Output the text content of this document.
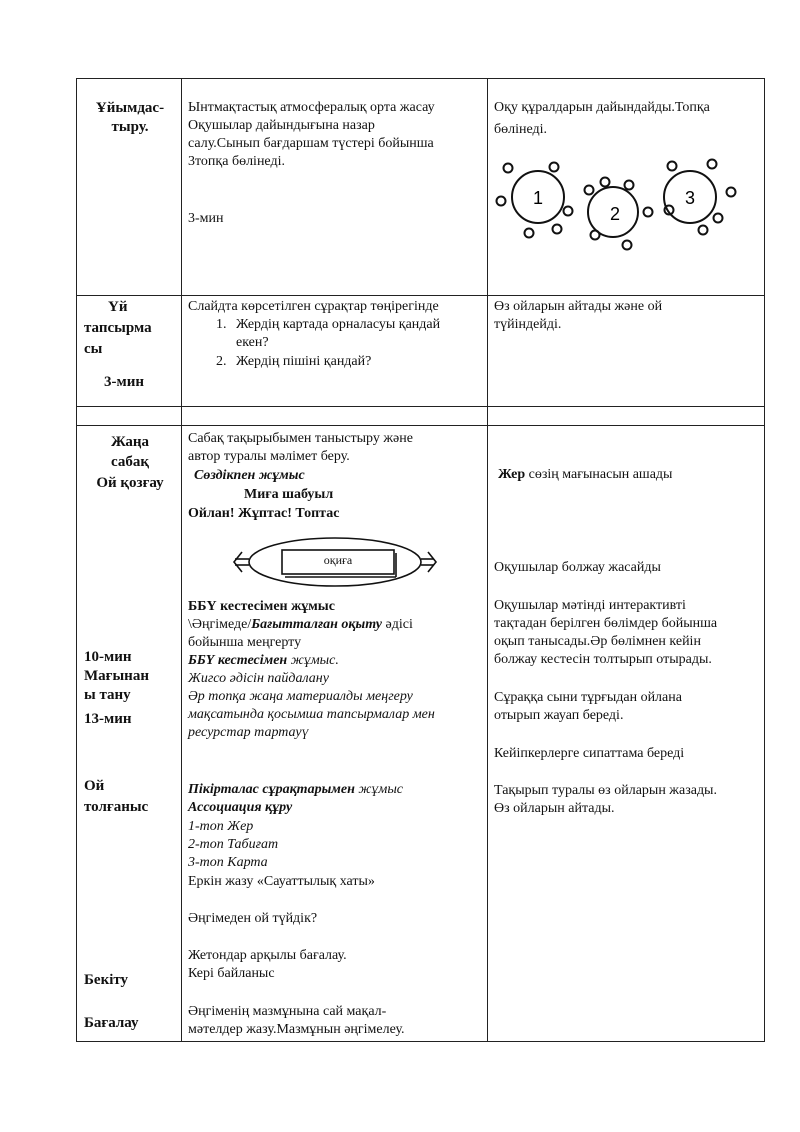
Ұйымдас-
тыру.
Ынтмақтастық атмосфералық орта жасау
Оқушылар дайындығына назар
салу.Сынып бағдаршам түстері бойынша
3топқа бөлінеді.
3-мин
Оқу құралдарын дайындайды.Топқа
бөлінеді.
1
2
3
Үй
тапсырма
сы
3-мин
Слайдта көрсетілген сұрақтар төңірегінде
1. Жердің картада орналасуы қандай
екен?
2. Жердің пішіні қандай?
Өз ойларын айтады және ой
түйіндейді.
Жаңа
сабақ
Ой қозғау
10-мин
Мағынан
ы тану
13-мин
Ой
толғаныс
Бекіту
Бағалау
Сабақ тақырыбымен таныстыру және
автор туралы мәлімет беру.
Сөздікпен жұмыс
Миға шабуыл
Ойлан! Жұптас! Топтас
оқиға
ББҮ кестесімен жұмыс
\Әңгімеде/Бағытталған оқыту әдісі
бойынша меңгерту
ББҮ кестесімен жұмыс.
Жигсо әдісін пайдалану
Әр топқа жаңа материалды меңгеру
мақсатында қосымша тапсырмалар мен
ресурстар тартауү
Пікірталас сұрақтарымен жұмыс
Ассоциация құру
1-топ Жер
2-топ Табиғат
3-топ Карта
Еркін жазу «Сауаттылық хаты»
Әңгімеден ой түйдік?
Жетондар арқылы бағалау.
Кері байланыс
Әңгіменің мазмұнына сай мақал-
мәтелдер жазу.Мазмұнын әңгімелеу.
Жер сөзің мағынасын ашады
Оқушылар болжау жасайды
Оқушылар мәтінді интерактивті
тақтадан берілген бөлімдер бойынша
оқып танысады.Әр бөлімнен кейін
болжау кестесін толтырып отырады.
Сұраққа сыни тұрғыдан ойлана
отырып жауап береді.
Кейіпкерлерге сипаттама береді
Тақырып туралы өз ойларын жазады.
Өз ойларын айтады.
